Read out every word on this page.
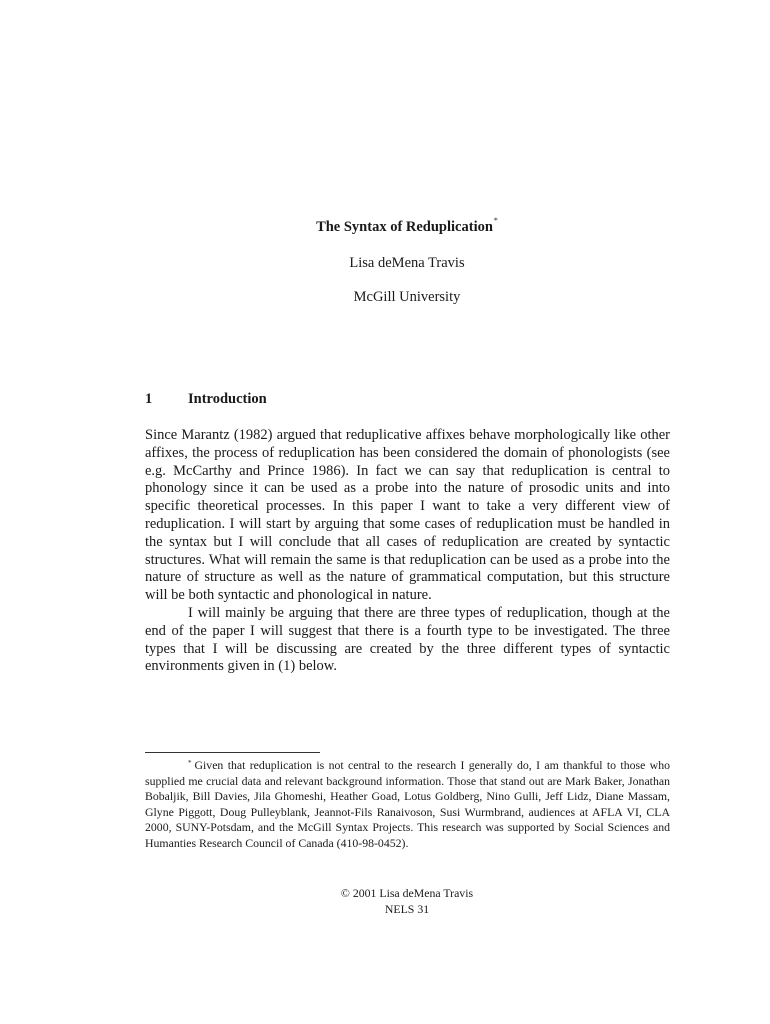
The Syntax of Reduplication*
Lisa deMena Travis
McGill University
1 Introduction

Since Marantz (1982) argued that reduplicative affixes behave morphologically like other affixes, the process of reduplication has been considered the domain of phonologists (see e.g. McCarthy and Prince 1986). In fact we can say that reduplication is central to phonology since it can be used as a probe into the nature of prosodic units and into specific theoretical processes. In this paper I want to take a very different view of reduplication. I will start by arguing that some cases of reduplication must be handled in the syntax but I will conclude that all cases of reduplication are created by syntactic structures. What will remain the same is that reduplication can be used as a probe into the nature of structure as well as the nature of grammatical computation, but this structure will be both syntactic and phonological in nature.

I will mainly be arguing that there are three types of reduplication, though at the end of the paper I will suggest that there is a fourth type to be investigated. The three types that I will be discussing are created by the three different types of syntactic environments given in (1) below.

* Given that reduplication is not central to the research I generally do, I am thankful to those who supplied me crucial data and relevant background information. Those that stand out are Mark Baker, Jonathan Bobaljik, Bill Davies, Jila Ghomeshi, Heather Goad, Lotus Goldberg, Nino Gulli, Jeff Lidz, Diane Massam, Glyne Piggott, Doug Pulleyblank, Jeannot-Fils Ranaivoson, Susi Wurmbrand, audiences at AFLA VI, CLA 2000, SUNY-Potsdam, and the McGill Syntax Projects. This research was supported by Social Sciences and Humanties Research Council of Canada (410-98-0452).
© 2001 Lisa deMena Travis
NELS 31
